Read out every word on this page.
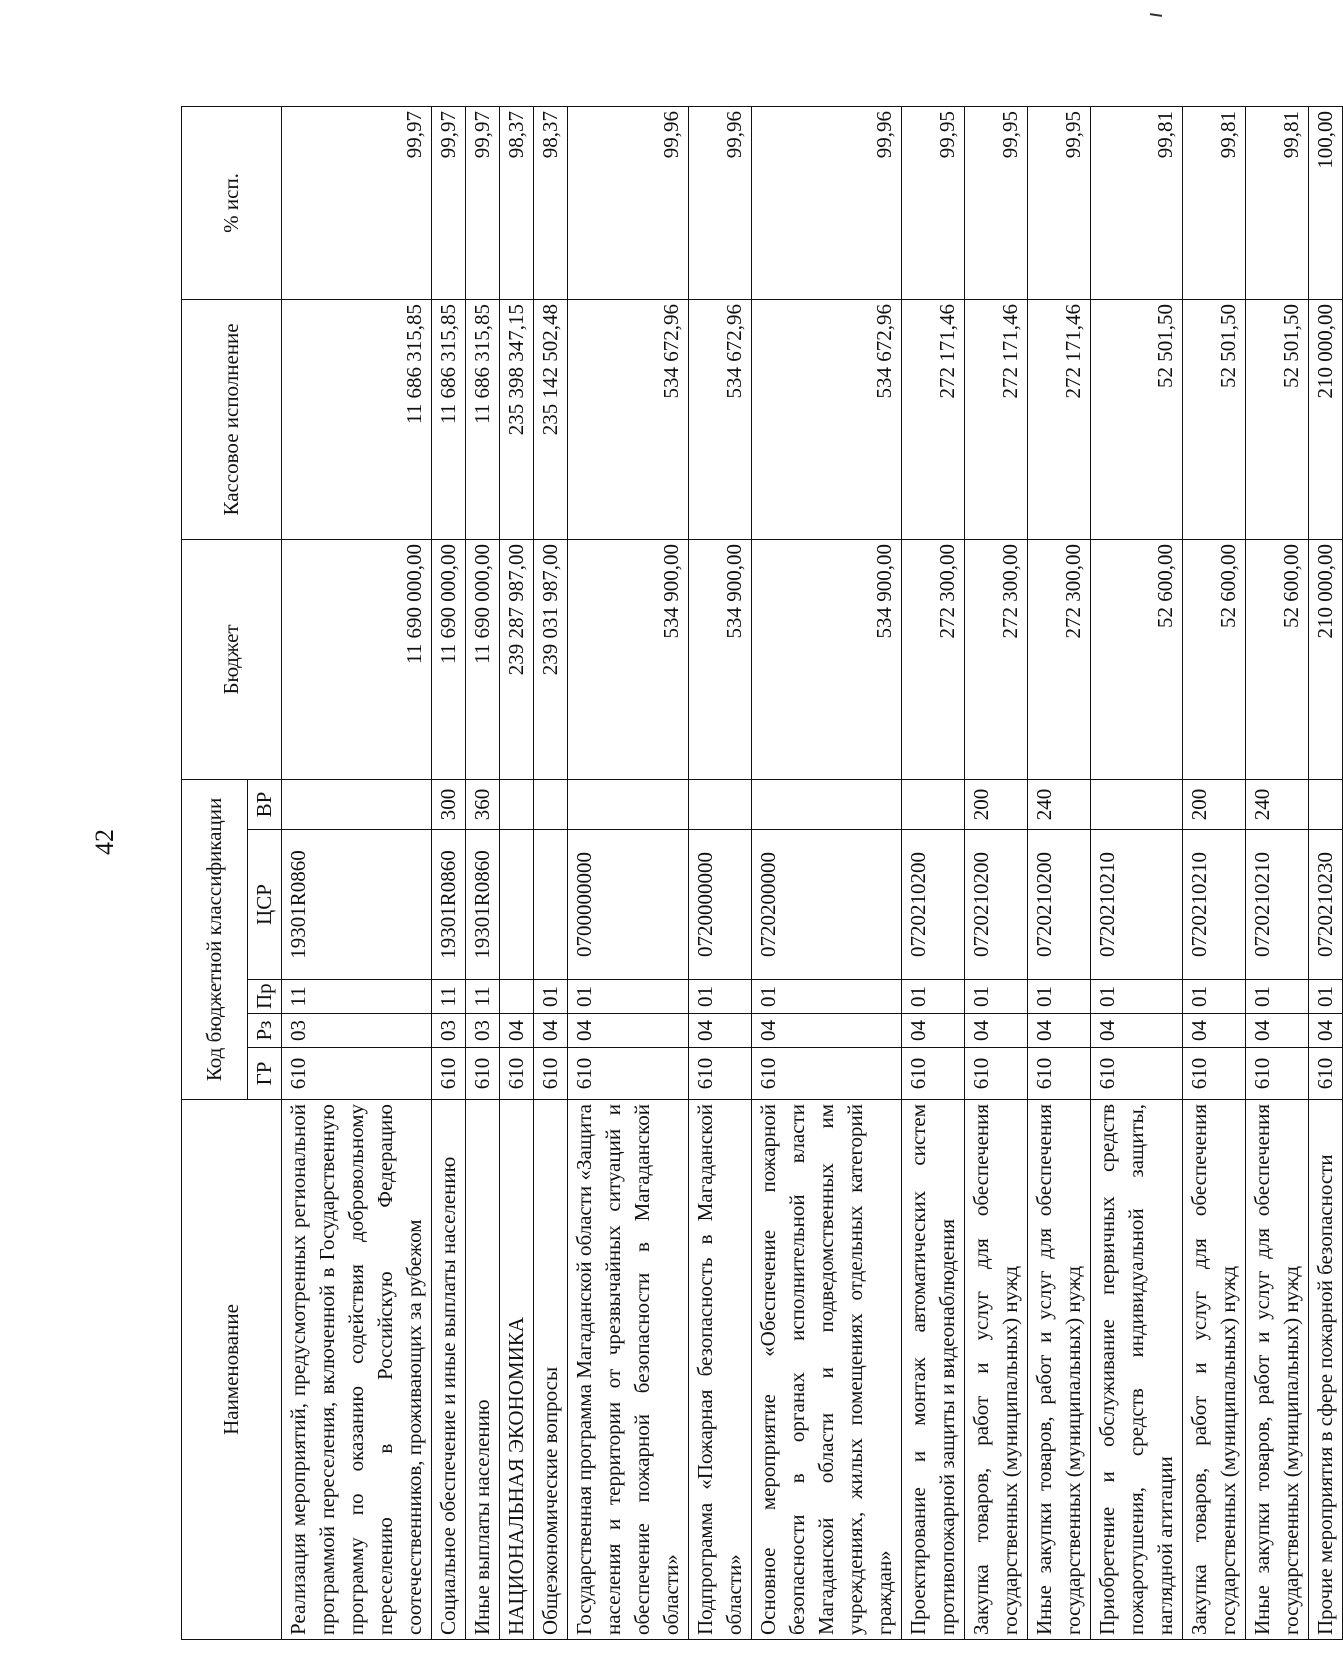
42
Наименование	Код бюджетной классификации					Бюджет	Кассовое исполнение	% исп.
	ГР	Рз	Пр	ЦСР	ВР			
Реализация мероприятий, предусмотренных региональной программой переселения, включенной в Государственную программу по оказанию содействия добровольному переселению в Российскую Федерацию соотечественников, проживающих за рубежом	610	03	11	19301R0860		11 690 000,00	11 686 315,85	99,97
Социальное обеспечение и иные выплаты населению	610	03	11	19301R0860	300	11 690 000,00	11 686 315,85	99,97
Иные выплаты населению	610	03	11	19301R0860	360	11 690 000,00	11 686 315,85	99,97
НАЦИОНАЛЬНАЯ ЭКОНОМИКА	610	04				239 287 987,00	235 398 347,15	98,37
Общеэкономические вопросы	610	04	01			239 031 987,00	235 142 502,48	98,37
Государственная программа Магаданской области «Защита населения и территории от чрезвычайных ситуаций и обеспечение пожарной безопасности в Магаданской области»	610	04	01	0700000000		534 900,00	534 672,96	99,96
Подпрограмма «Пожарная безопасность в Магаданской области»	610	04	01	0720000000		534 900,00	534 672,96	99,96
Основное мероприятие «Обеспечение пожарной безопасности в органах исполнительной власти Магаданской области и подведомственных им учреждениях, жилых помещениях отдельных категорий граждан»	610	04	01	0720200000		534 900,00	534 672,96	99,96
Проектирование и монтаж автоматических систем противопожарной защиты и видеонаблюдения	610	04	01	0720210200		272 300,00	272 171,46	99,95
Закупка товаров, работ и услуг для обеспечения государственных (муниципальных) нужд	610	04	01	0720210200	200	272 300,00	272 171,46	99,95
Иные закупки товаров, работ и услуг для обеспечения государственных (муниципальных) нужд	610	04	01	0720210200	240	272 300,00	272 171,46	99,95
Приобретение и обслуживание первичных средств пожаротушения, средств индивидуальной защиты, наглядной агитации	610	04	01	0720210210		52 600,00	52 501,50	99,81
Закупка товаров, работ и услуг для обеспечения государственных (муниципальных) нужд	610	04	01	0720210210	200	52 600,00	52 501,50	99,81
Иные закупки товаров, работ и услуг для обеспечения государственных (муниципальных) нужд	610	04	01	0720210210	240	52 600,00	52 501,50	99,81
Прочие мероприятия в сфере пожарной безопасности	610	04	01	0720210230		210 000,00	210 000,00	100,00
